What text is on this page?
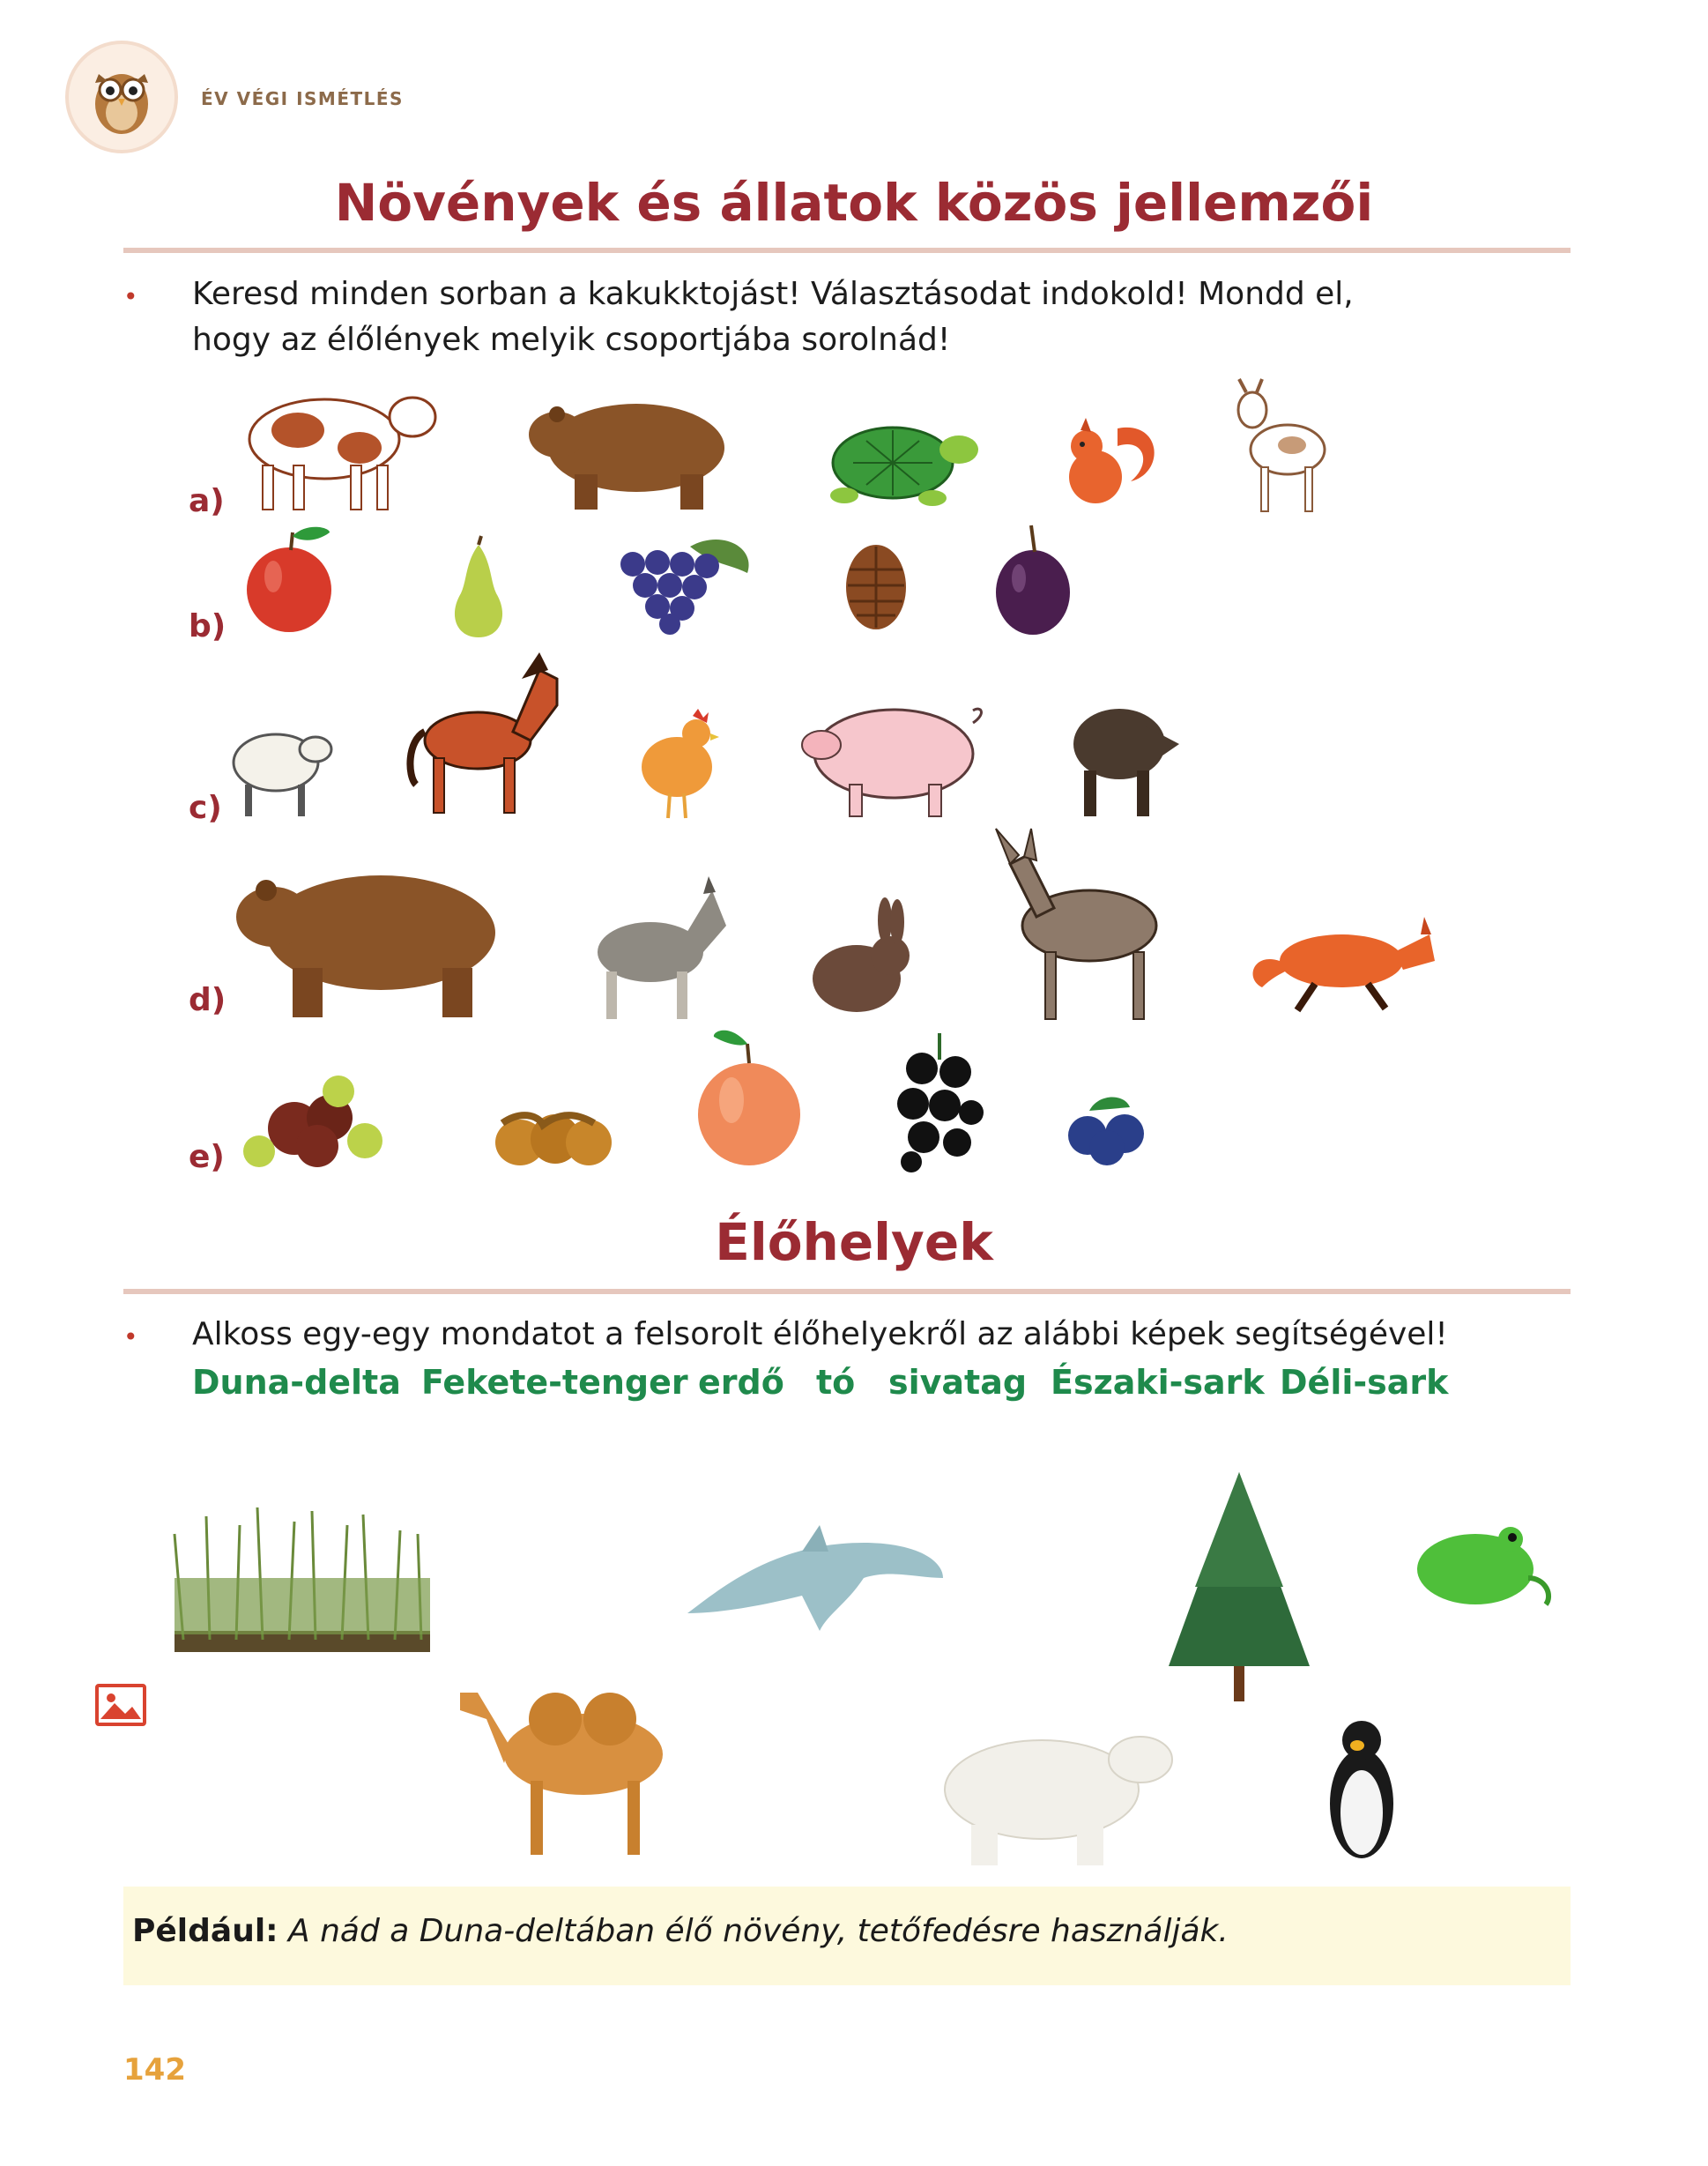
ÉV VÉGI ISMÉTLÉS
Növények és állatok közös jellemzői
• Keresd minden sorban a kakukktojást! Választásodat indokold! Mondd el,
hogy az élőlények melyik csoportjába sorolnád!
a)
b)
c)
d)
e)
Élőhelyek
• Alkoss egy-egy mondatot a felsorolt élőhelyekről az alábbi képek segítségével!
Duna-delta Fekete-tenger erdő tó sivatag Északi-sark Déli-sark
Például: A nád a Duna-deltában élő növény, tetőfedésre használják.
142
